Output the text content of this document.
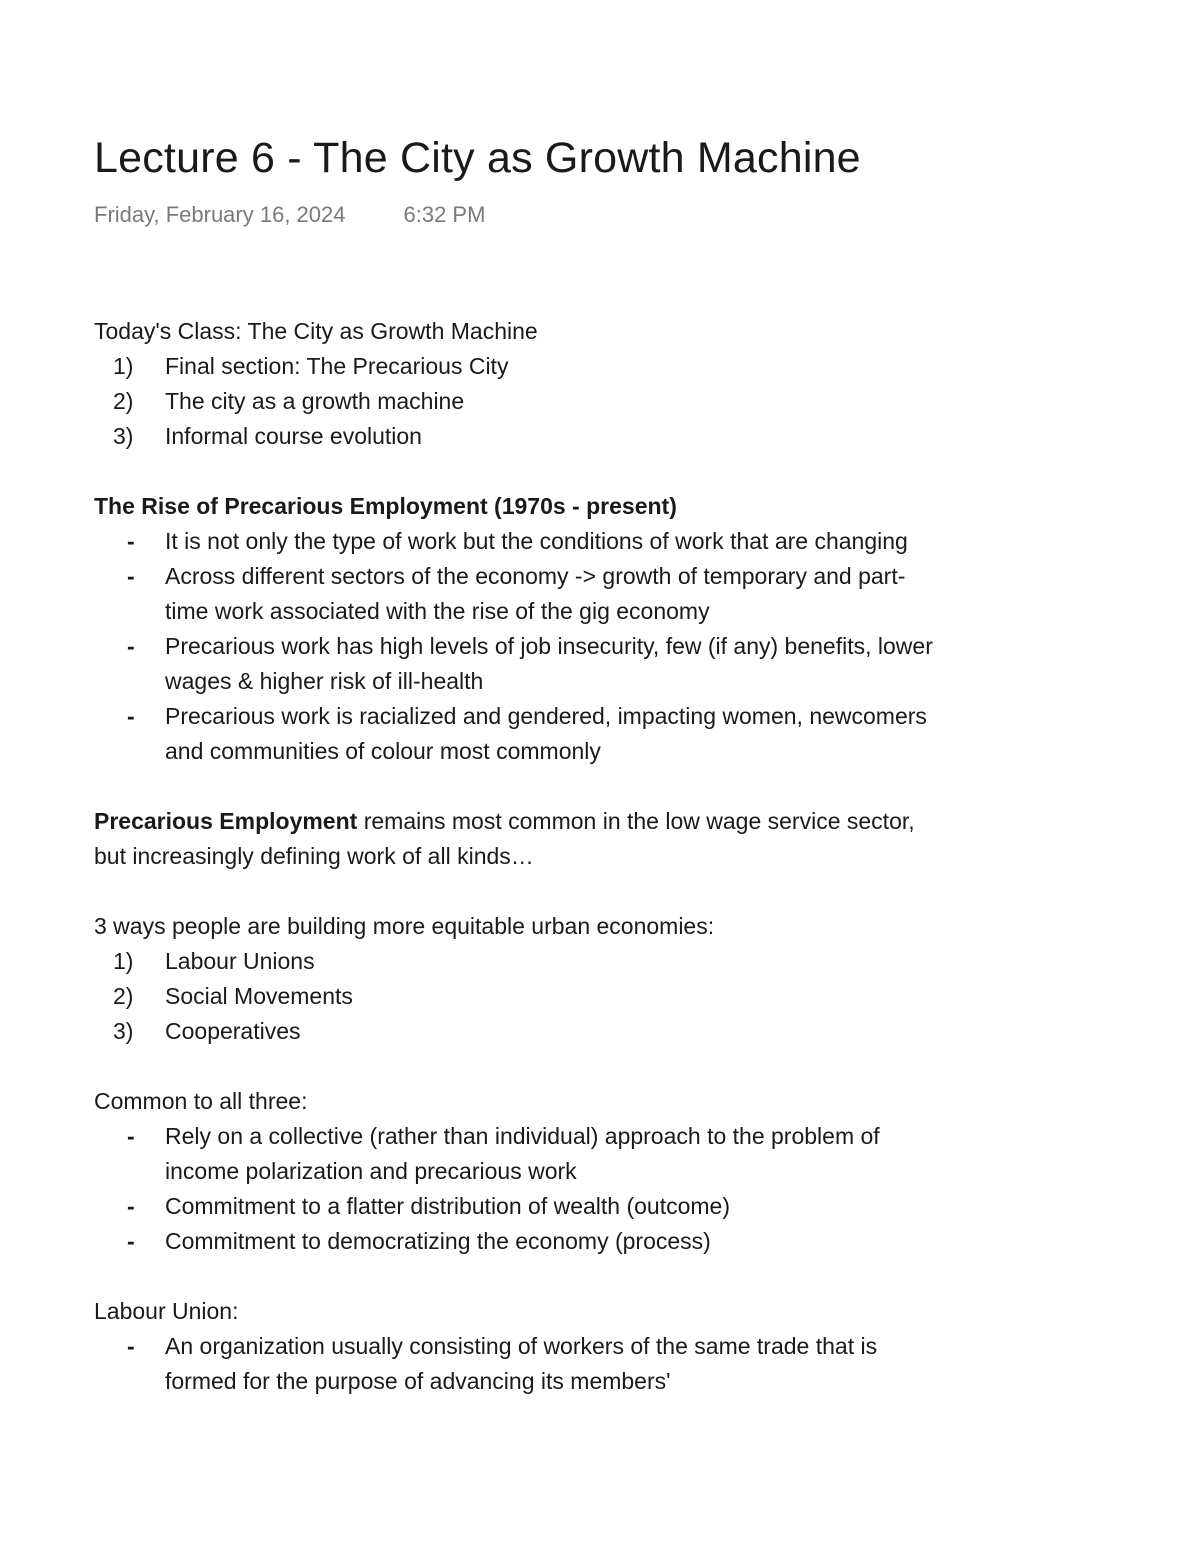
Lecture 6 - The City as Growth Machine
Friday, February 16, 2024	6:32 PM

Today's Class: The City as Growth Machine

1) Final section: The Precarious City
2) The city as a growth machine
3) Informal course evolution

The Rise of Precarious Employment (1970s - present)

- It is not only the type of work but the conditions of work that are changing
- Across different sectors of the economy -> growth of temporary and part-time work associated with the rise of the gig economy
- Precarious work has high levels of job insecurity, few (if any) benefits, lower wages & higher risk of ill-health
- Precarious work is racialized and gendered, impacting women, newcomers and communities of colour most commonly

Precarious Employment remains most common in the low wage service sector, but increasingly defining work of all kinds…

3 ways people are building more equitable urban economies:

1) Labour Unions
2) Social Movements
3) Cooperatives

Common to all three:

- Rely on a collective (rather than individual) approach to the problem of income polarization and precarious work
- Commitment to a flatter distribution of wealth (outcome)
- Commitment to democratizing the economy (process)

Labour Union:

- An organization usually consisting of workers of the same trade that is formed for the purpose of advancing its members'
